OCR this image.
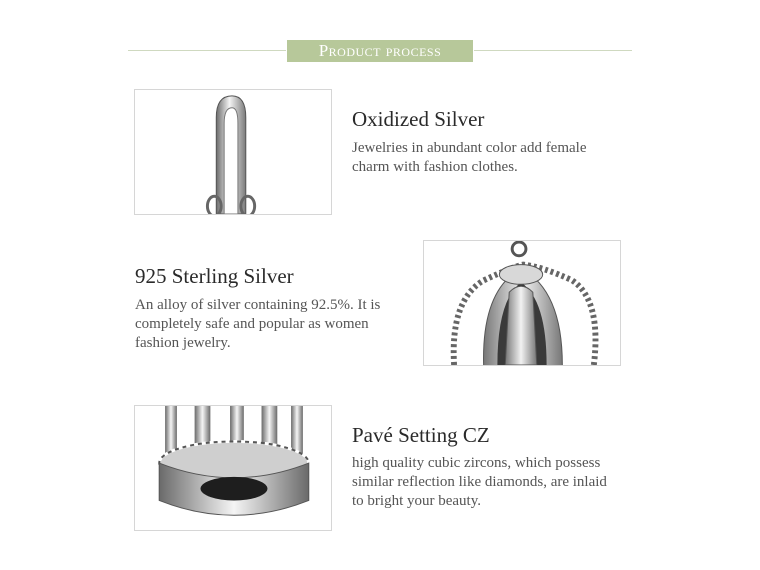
Product process
Oxidized Silver
Jewelries in abundant color add female charm with fashion clothes.
925 Sterling Silver
An alloy of silver containing 92.5%. It is completely safe and popular as women fashion jewelry.
Pavé Setting CZ
high quality cubic zircons, which possess similar reflection like diamonds, are inlaid to bright your beauty.
